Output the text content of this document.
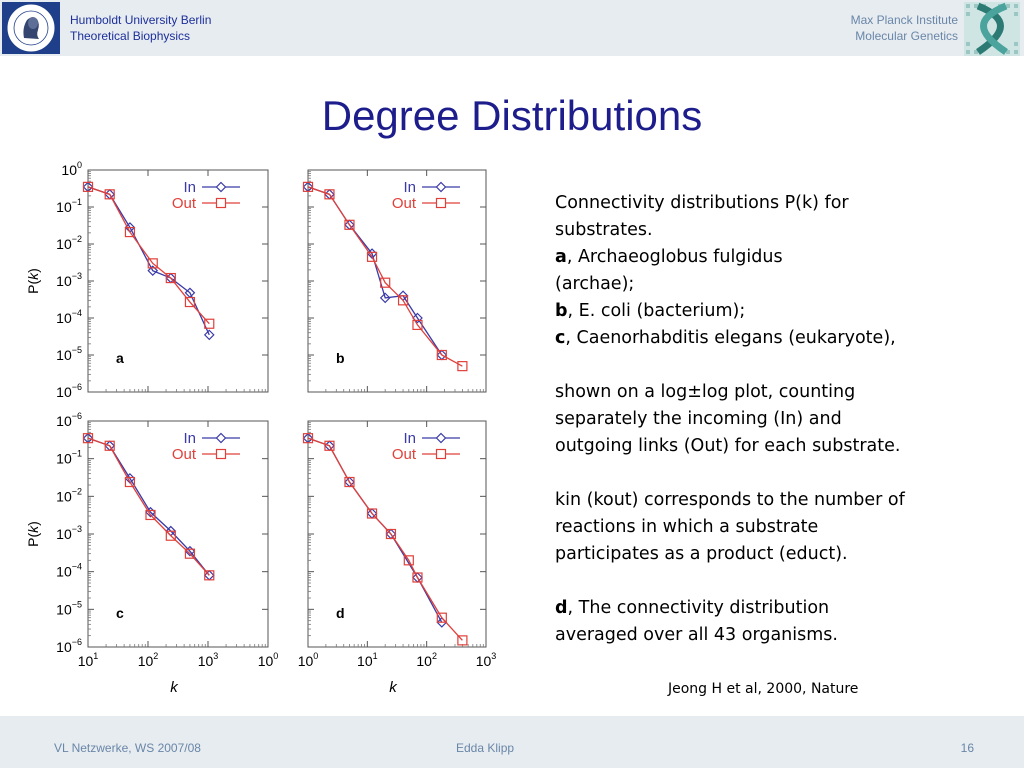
Humboldt University Berlin
Theoretical Biophysics
Max Planck Institute
Molecular Genetics
Degree Distributions
$10^0$
$10^{-1}$
$10^{-2}$
$10^{-3}$
$10^{-4}$
$10^{-5}$
$10^{-6}$
P(k)
a
In
Out
b
In
Out
$10^{-6}$
$10^{-1}$
$10^{-2}$
$10^{-3}$
$10^{-4}$
$10^{-5}$
$10^{-6}$
$10^1$	$10^2$	$10^3$	$10^0$
P(k)
k
c
In
Out
$10^0$	$10^1$	$10^2$	$10^3$
k
d
In
Out

Connectivity distributions P(k) for

substrates.

a, Archaeoglobus fulgidus

(archae);

b, E. coli (bacterium);

c, Caenorhabditis elegans (eukaryote),

shown on a log±log plot, counting

separately the incoming (In) and

outgoing links (Out) for each substrate.

kin (kout) corresponds to the number of

reactions in which a substrate

participates as a product (educt).

d, The connectivity distribution

averaged over all 43 organisms.

Jeong H et al, 2000, Nature
VL Netzwerke, WS 2007/08	Edda Klipp	16
